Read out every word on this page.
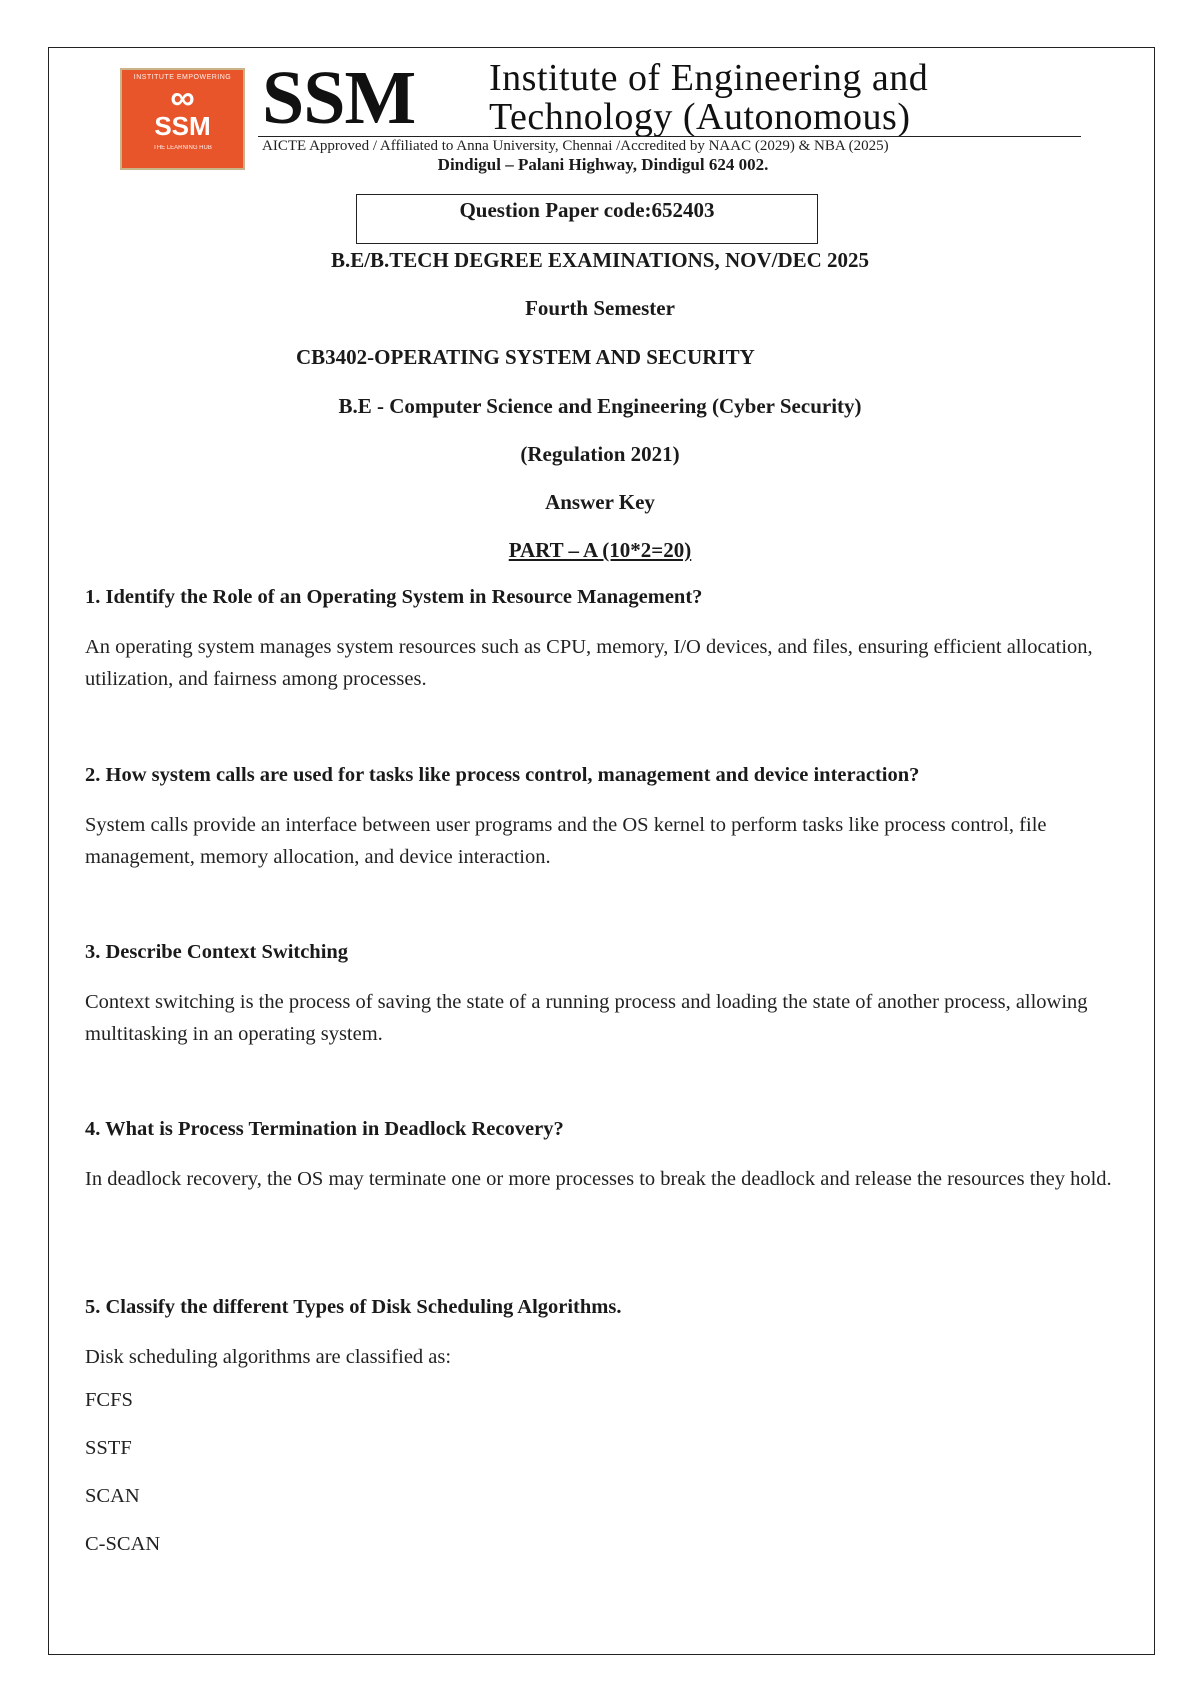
INSTITUTE EMPOWERING
∞
SSM
THE LEARNING HUB
SSM Institute of Engineering and
Technology (Autonomous)
AICTE Approved / Affiliated to Anna University, Chennai /Accredited by NAAC (2029) & NBA (2025)
Dindigul – Palani Highway, Dindigul 624 002.
Question Paper code:652403
B.E/B.TECH DEGREE EXAMINATIONS, NOV/DEC 2025
Fourth Semester
CB3402-OPERATING SYSTEM AND SECURITY
B.E - Computer Science and Engineering (Cyber Security)
(Regulation 2021)
Answer Key
PART – A (10*2=20)
1. Identify the Role of an Operating System in Resource Management?
An operating system manages system resources such as CPU, memory, I/O devices, and files, ensuring efficient allocation, utilization, and fairness among processes.
2. How system calls are used for tasks like process control, management and device interaction?
System calls provide an interface between user programs and the OS kernel to perform tasks like process control, file management, memory allocation, and device interaction.
3. Describe Context Switching
Context switching is the process of saving the state of a running process and loading the state of another process, allowing multitasking in an operating system.
4. What is Process Termination in Deadlock Recovery?
In deadlock recovery, the OS may terminate one or more processes to break the deadlock and release the resources they hold.
5. Classify the different Types of Disk Scheduling Algorithms.
Disk scheduling algorithms are classified as:
FCFS
SSTF
SCAN
C-SCAN
